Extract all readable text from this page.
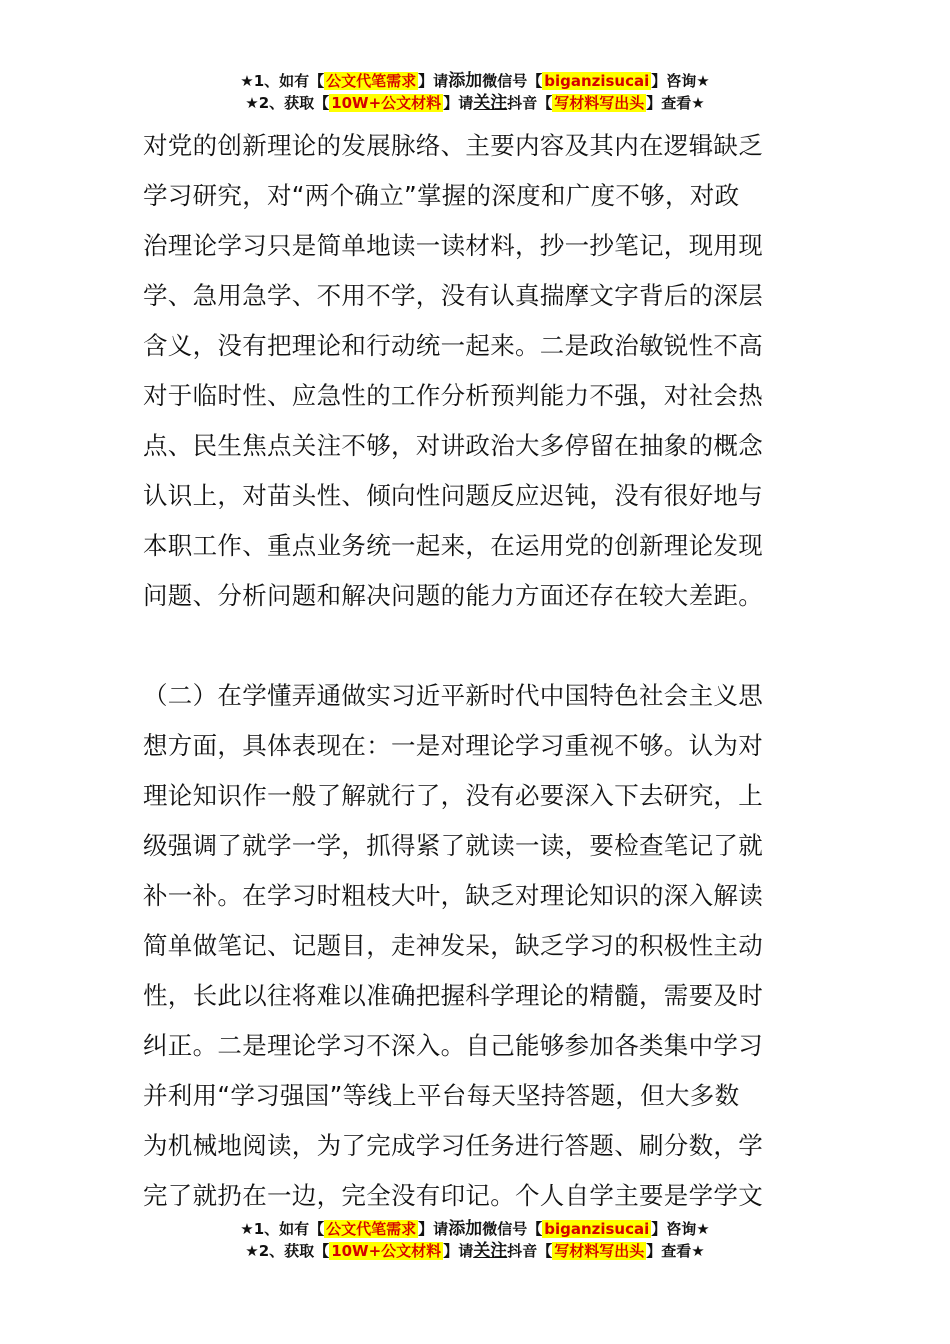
★1、如有【 公文代笔需求 】请添加微信号【 biganzisucai 】咨询★
★2、获取【 10W+公文材料 】请关注抖音【 写材料写出头 】查看★
对党的创新理论的发展脉络、主要内容及其内在逻辑缺乏
学习研究，对“两个确立”掌握的深度和广度不够，对政
治理论学习只是简单地读一读材料，抄一抄笔记，现用现
学、急用急学、不用不学，没有认真揣摩文字背后的深层
含义，没有把理论和行动统一起来。二是政治敏锐性不高
对于临时性、应急性的工作分析预判能力不强，对社会热
点、民生焦点关注不够，对讲政治大多停留在抽象的概念
认识上，对苗头性、倾向性问题反应迟钝，没有很好地与
本职工作、重点业务统一起来，在运用党的创新理论发现
问题、分析问题和解决问题的能力方面还存在较大差距。
（二）在学懂弄通做实习近平新时代中国特色社会主义思
想方面，具体表现在：一是对理论学习重视不够。认为对
理论知识作一般了解就行了，没有必要深入下去研究，上
级强调了就学一学，抓得紧了就读一读，要检查笔记了就
补一补。在学习时粗枝大叶，缺乏对理论知识的深入解读
简单做笔记、记题目，走神发呆，缺乏学习的积极性主动
性，长此以往将难以准确把握科学理论的精髓，需要及时
纠正。二是理论学习不深入。自己能够参加各类集中学习
并利用“学习强国”等线上平台每天坚持答题，但大多数
为机械地阅读，为了完成学习任务进行答题、刷分数，学
完了就扔在一边，完全没有印记。个人自学主要是学学文
★1、如有【 公文代笔需求 】请添加微信号【 biganzisucai 】咨询★
★2、获取【 10W+公文材料 】请关注抖音【 写材料写出头 】查看★
